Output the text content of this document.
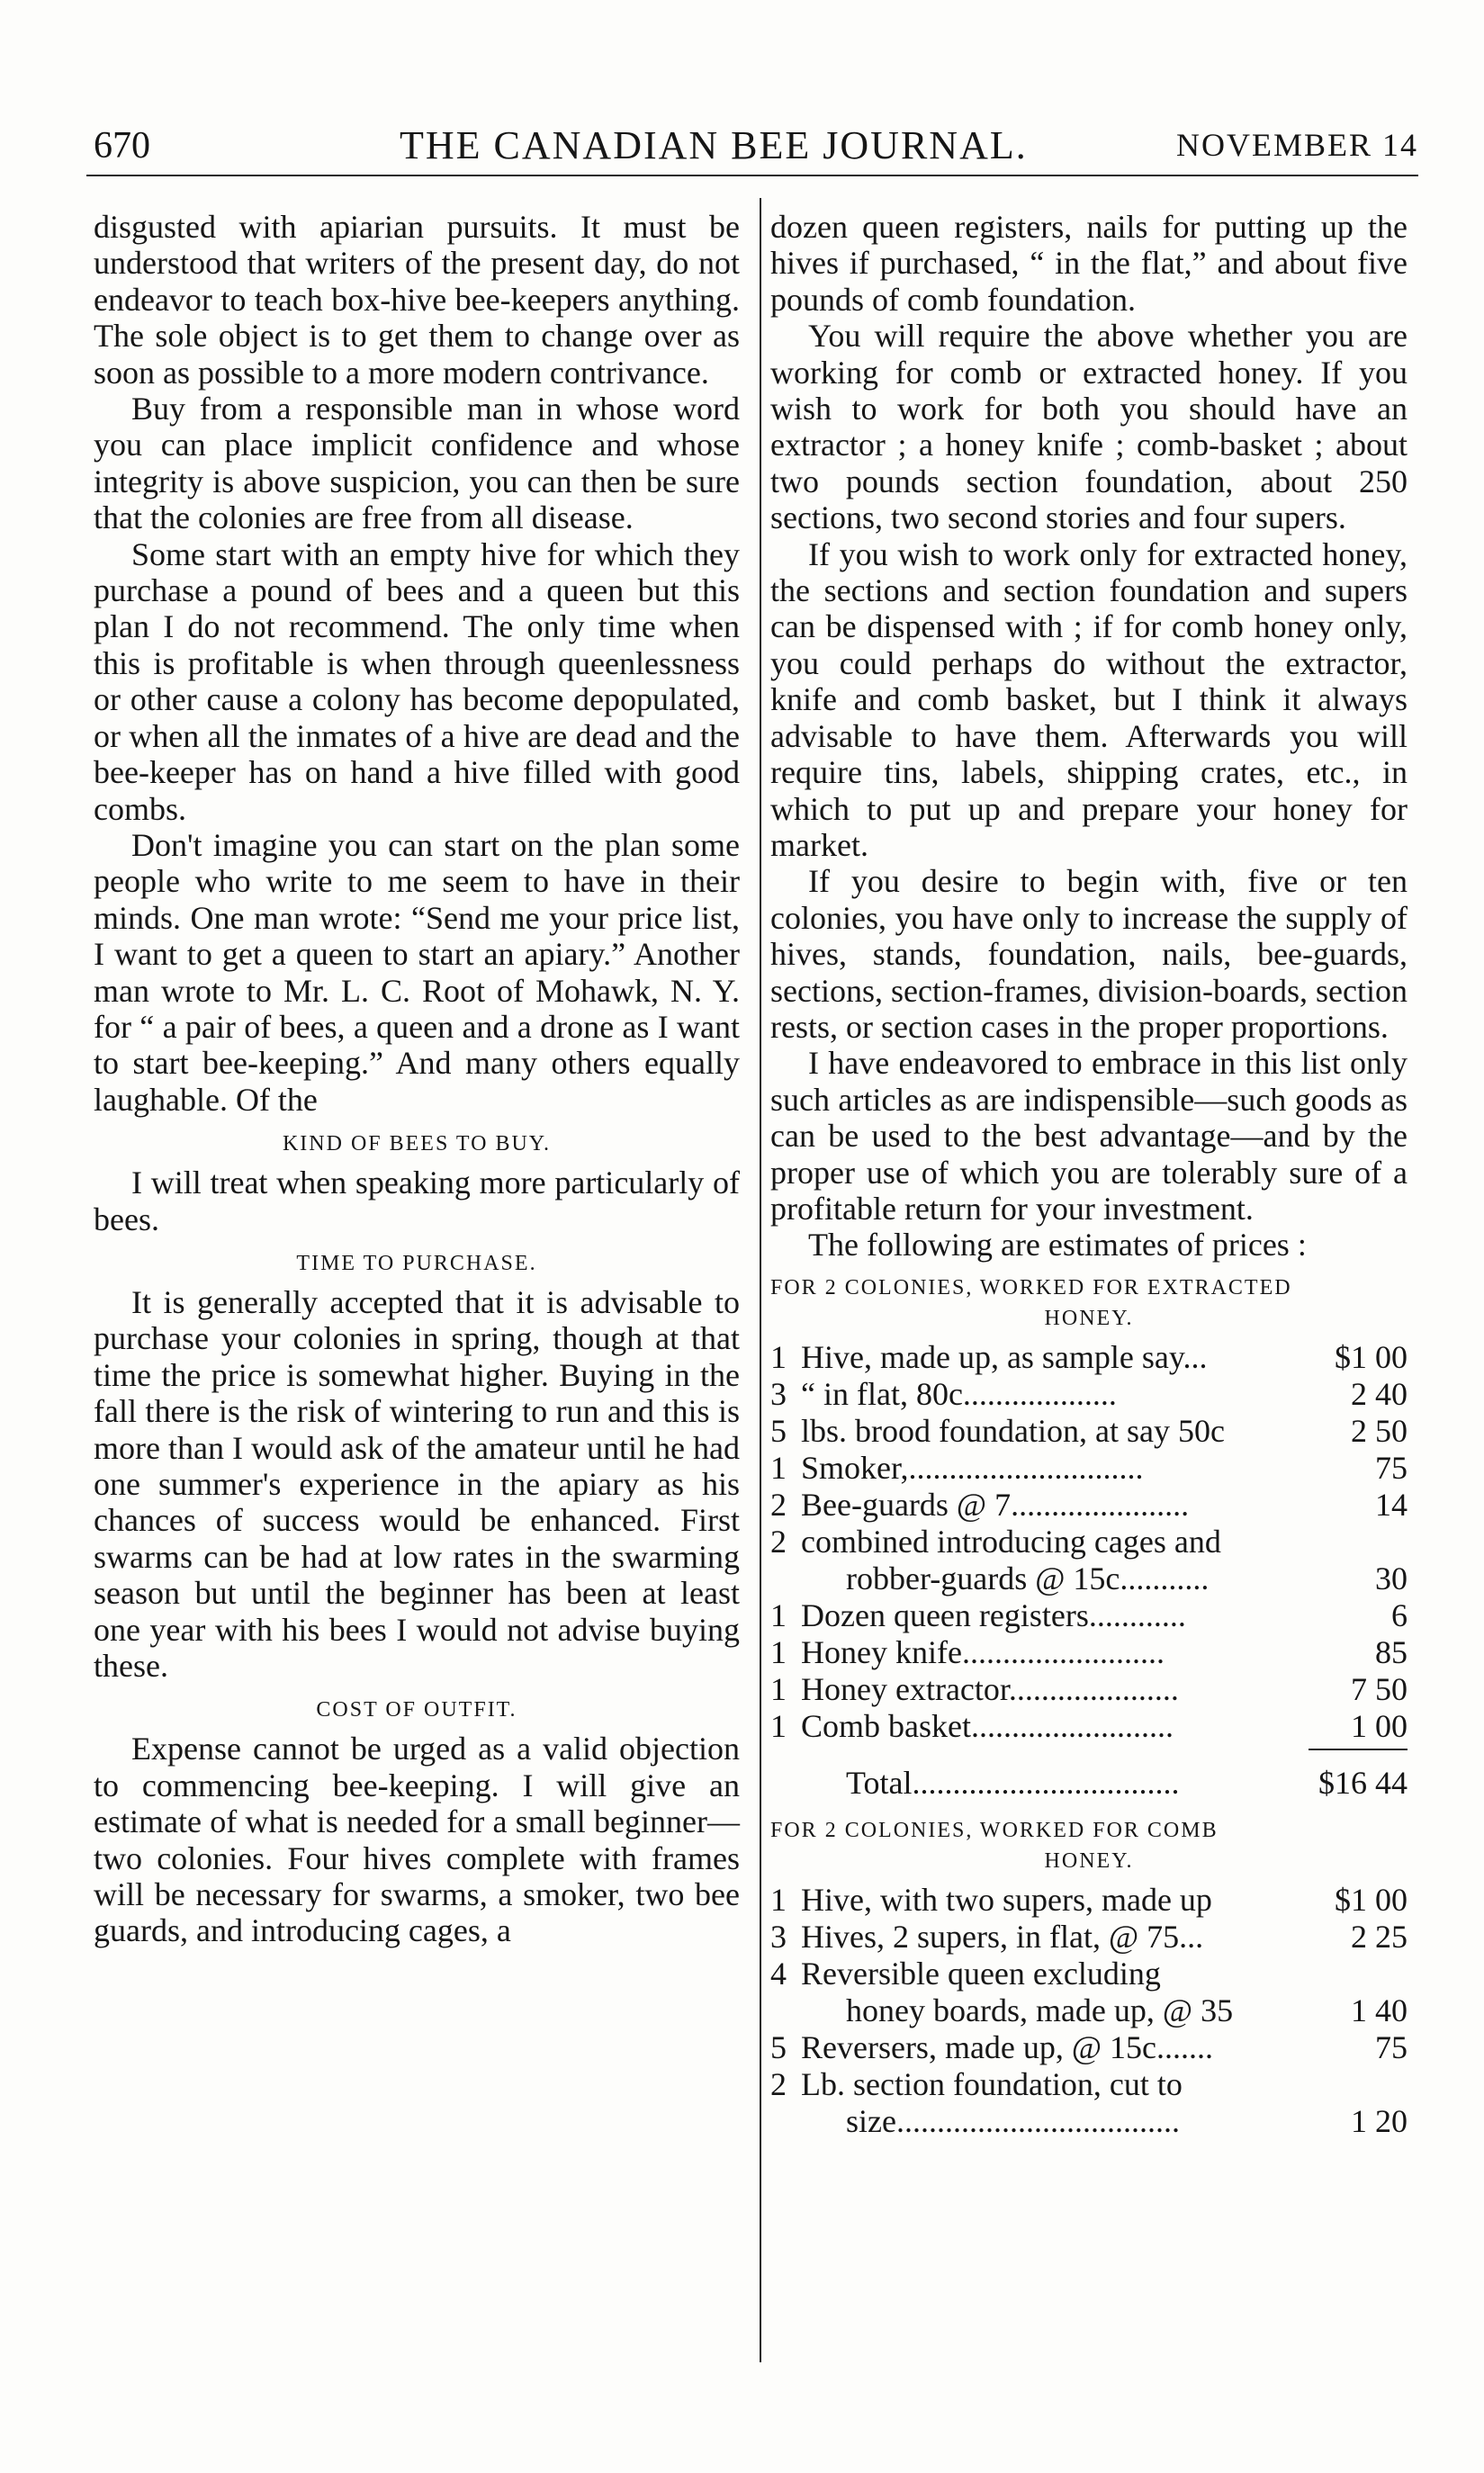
670	THE CANADIAN BEE JOURNAL.	NOVEMBER 14

disgusted with apiarian pursuits. It must be understood that writers of the present day, do not endeavor to teach box-hive bee-keepers anything. The sole object is to get them to change over as soon as possible to a more modern contrivance.

Buy from a responsible man in whose word you can place implicit confidence and whose integrity is above suspicion, you can then be sure that the colonies are free from all disease.

Some start with an empty hive for which they purchase a pound of bees and a queen but this plan I do not recommend. The only time when this is profitable is when through queenlessness or other cause a colony has become depopulated, or when all the inmates of a hive are dead and the bee-keeper has on hand a hive filled with good combs.

Don't imagine you can start on the plan some people who write to me seem to have in their minds. One man wrote: “Send me your price list, I want to get a queen to start an apiary.” Another man wrote to Mr. L. C. Root of Mohawk, N. Y. for “ a pair of bees, a queen and a drone as I want to start bee-keeping.” And many others equally laughable. Of the

KIND OF BEES TO BUY.

I will treat when speaking more particularly of bees.

TIME TO PURCHASE.

It is generally accepted that it is advisable to purchase your colonies in spring, though at that time the price is somewhat higher. Buying in the fall there is the risk of wintering to run and this is more than I would ask of the amateur until he had one summer's experience in the apiary as his chances of success would be enhanced. First swarms can be had at low rates in the swarming season but until the beginner has been at least one year with his bees I would not advise buying these.

COST OF OUTFIT.

Expense cannot be urged as a valid objection to commencing bee-keeping. I will give an estimate of what is needed for a small beginner—two colonies. Four hives complete with frames will be necessary for swarms, a smoker, two bee guards, and introducing cages, a

dozen queen registers, nails for putting up the hives if purchased, “ in the flat,” and about five pounds of comb foundation.

You will require the above whether you are working for comb or extracted honey. If you wish to work for both you should have an extractor ; a honey knife ; comb-basket ; about two pounds section foundation, about 250 sections, two second stories and four supers.

If you wish to work only for extracted honey, the sections and section foundation and supers can be dispensed with ; if for comb honey only, you could perhaps do without the extractor, knife and comb basket, but I think it always advisable to have them. Afterwards you will require tins, labels, shipping crates, etc., in which to put up and prepare your honey for market.

If you desire to begin with, five or ten colonies, you have only to increase the supply of hives, stands, foundation, nails, bee-guards, sections, section-frames, division-boards, section rests, or section cases in the proper proportions.

I have endeavored to embrace in this list only such articles as are indispensible—such goods as can be used to the best advantage—and by the proper use of which you are tolerably sure of a profitable return for your investment.

The following are estimates of prices :

FOR 2 COLONIES, WORKED FOR EXTRACTED
HONEY.
1 Hive, made up, as sample say...	$1 00
3 “ in flat, 80c...................	2 40
5 lbs. brood foundation, at say 50c	2 50
1 Smoker,.............................	75
2 Bee-guards @ 7......................	14
2 combined introducing cages and
robber-guards @ 15c...........	30
1 Dozen queen registers............	6
1 Honey knife.........................	85
1 Honey extractor.....................	7 50
1 Comb basket.........................	1 00
Total.................................	$16 44
FOR 2 COLONIES, WORKED FOR COMB
HONEY.
1 Hive, with two supers, made up	$1 00
3 Hives, 2 supers, in flat, @ 75...	2 25
4 Reversible queen excluding
honey boards, made up, @ 35	1 40
5 Reversers, made up, @ 15c.......	75
2 Lb. section foundation, cut to
size...................................	1 20
